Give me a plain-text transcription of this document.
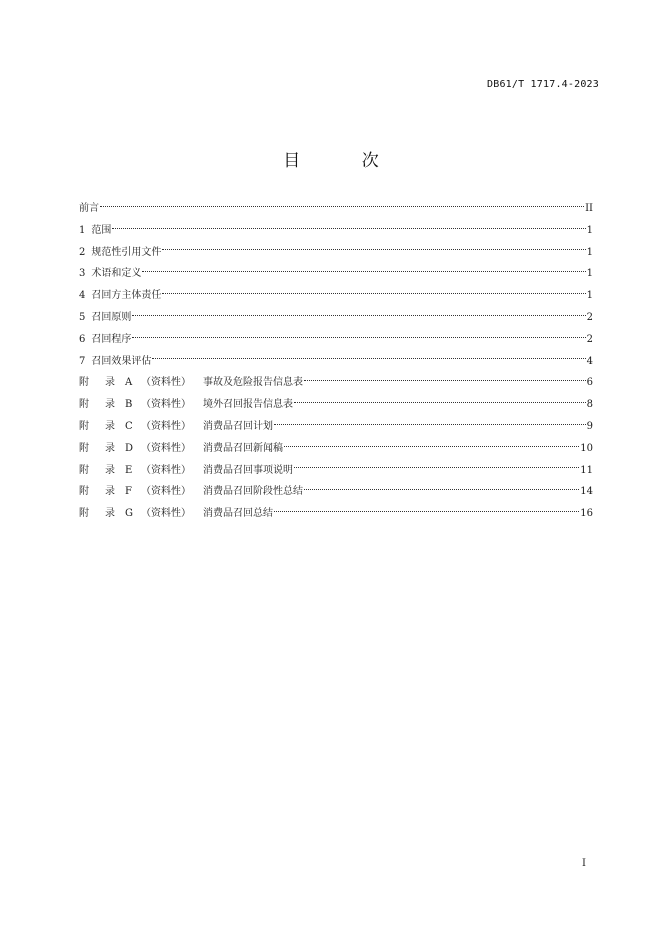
DB61/T 1717.4-2023
目 次
前言	II
1 范围	1
2 规范性引用文件	1
3 术语和定义	1
4 召回方主体责任	1
5 召回原则	2
6 召回程序	2
7 召回效果评估	4
附	录	A （资料性）	事故及危险报告信息表	6
附	录	B （资料性）	境外召回报告信息表	8
附	录	C （资料性）	消费品召回计划	9
附	录	D （资料性）	消费品召回新闻稿	10
附	录	E （资料性）	消费品召回事项说明	11
附	录	F （资料性）	消费品召回阶段性总结	14
附	录	G （资料性）	消费品召回总结	16
I
